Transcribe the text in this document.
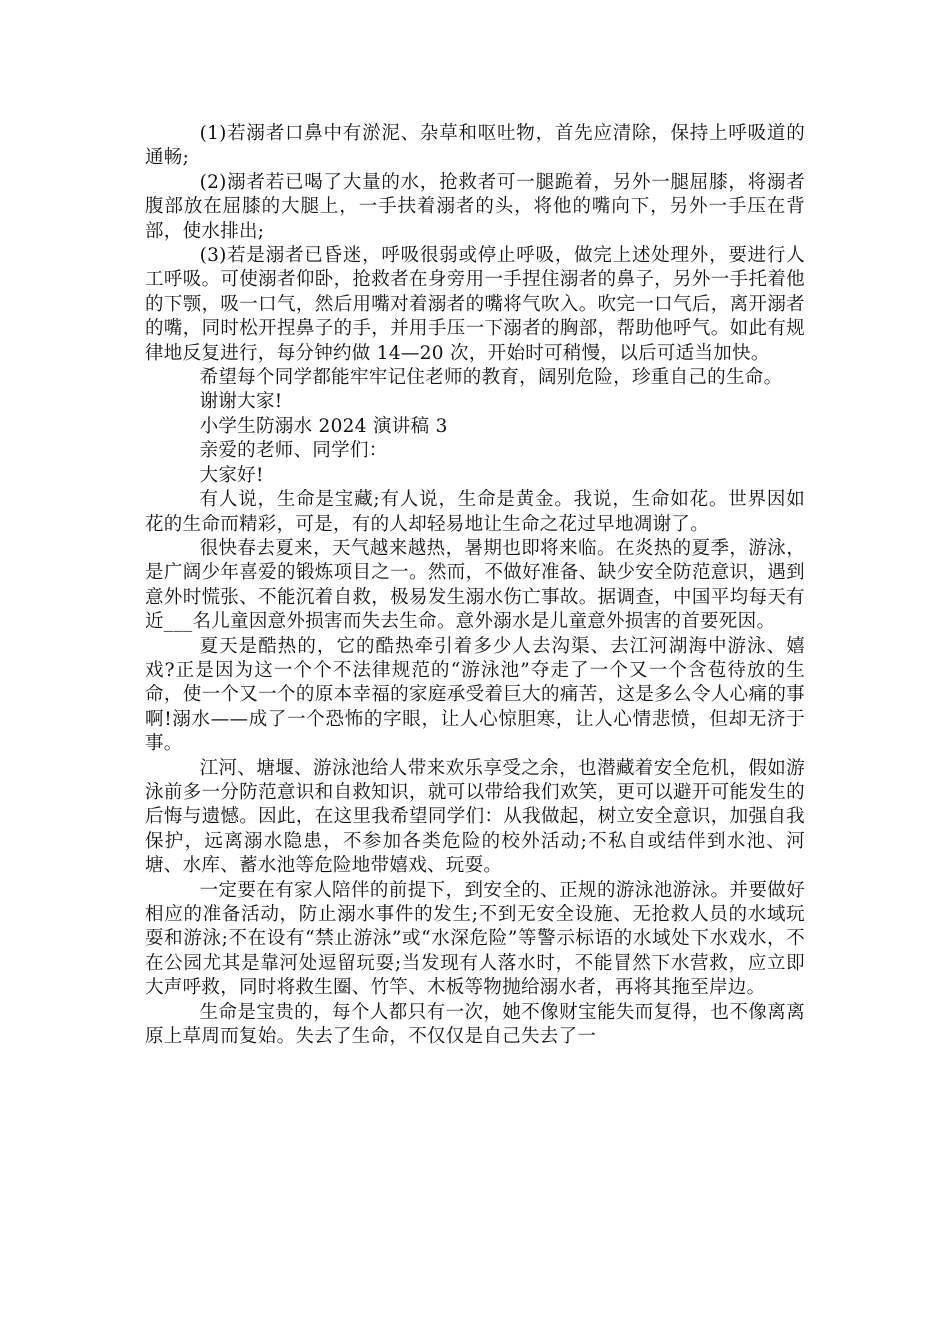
(1)若溺者口鼻中有淤泥、杂草和呕吐物，首先应清除，保持上呼吸道的通畅;

(2)溺者若已喝了大量的水，抢救者可一腿跪着，另外一腿屈膝，将溺者腹部放在屈膝的大腿上，一手扶着溺者的头，将他的嘴向下，另外一手压在背部，使水排出;

(3)若是溺者已昏迷，呼吸很弱或停止呼吸，做完上述处理外，要进行人工呼吸。可使溺者仰卧，抢救者在身旁用一手捏住溺者的鼻子，另外一手托着他的下颚，吸一口气，然后用嘴对着溺者的嘴将气吹入。吹完一口气后，离开溺者的嘴，同时松开捏鼻子的手，并用手压一下溺者的胸部，帮助他呼气。如此有规律地反复进行，每分钟约做 14—20 次，开始时可稍慢，以后可适当加快。

希望每个同学都能牢牢记住老师的教育，阔别危险，珍重自己的生命。

谢谢大家!

小学生防溺水 2024 演讲稿 3

亲爱的老师、同学们：

大家好!

有人说，生命是宝藏;有人说，生命是黄金。我说，生命如花。世界因如花的生命而精彩，可是，有的人却轻易地让生命之花过早地凋谢了。

很快春去夏来，天气越来越热，暑期也即将来临。在炎热的夏季，游泳，是广阔少年喜爱的锻炼项目之一。然而，不做好准备、缺少安全防范意识，遇到意外时慌张、不能沉着自救，极易发生溺水伤亡事故。据调查，中国平均每天有近___名儿童因意外损害而失去生命。意外溺水是儿童意外损害的首要死因。

夏天是酷热的，它的酷热牵引着多少人去沟渠、去江河湖海中游泳、嬉戏?正是因为这一个个不法律规范的“游泳池”夺走了一个又一个含苞待放的生命，使一个又一个的原本幸福的家庭承受着巨大的痛苦，这是多么令人心痛的事啊!溺水——成了一个恐怖的字眼，让人心惊胆寒，让人心情悲愤，但却无济于事。

江河、塘堰、游泳池给人带来欢乐享受之余，也潜藏着安全危机，假如游泳前多一分防范意识和自救知识，就可以带给我们欢笑，更可以避开可能发生的后悔与遗憾。因此，在这里我希望同学们：从我做起，树立安全意识，加强自我保护，远离溺水隐患，不参加各类危险的校外活动;不私自或结伴到水池、河塘、水库、蓄水池等危险地带嬉戏、玩耍。

一定要在有家人陪伴的前提下，到安全的、正规的游泳池游泳。并要做好相应的准备活动，防止溺水事件的发生;不到无安全设施、无抢救人员的水域玩耍和游泳;不在设有“禁止游泳”或“水深危险”等警示标语的水域处下水戏水，不在公园尤其是靠河处逗留玩耍;当发现有人落水时，不能冒然下水营救，应立即大声呼救，同时将救生圈、竹竿、木板等物抛给溺水者，再将其拖至岸边。

生命是宝贵的，每个人都只有一次，她不像财宝能失而复得，也不像离离原上草周而复始。失去了生命，不仅仅是自己失去了一
